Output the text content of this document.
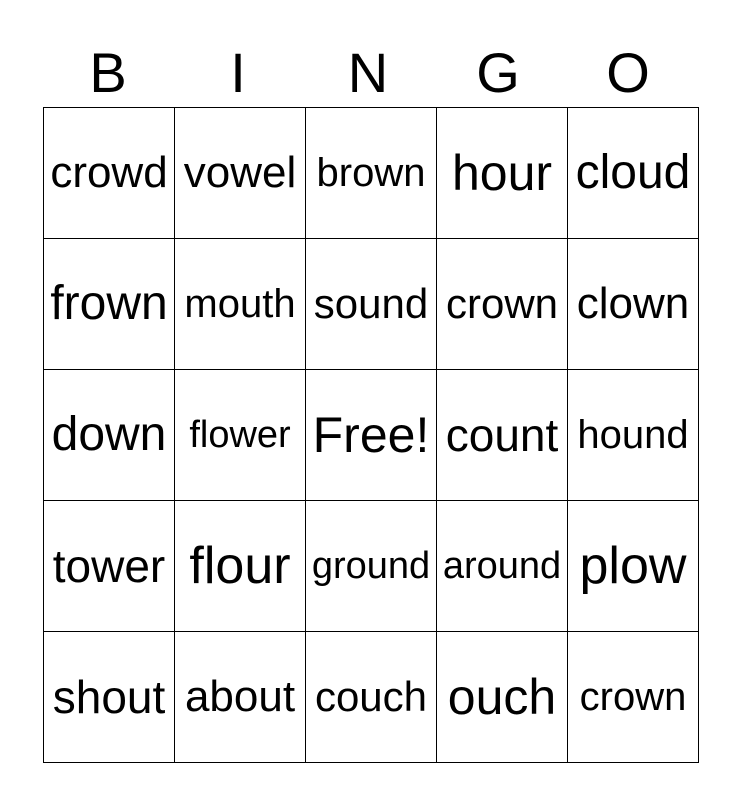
B	I	N	G	O
crowd	vowel	brown	hour	cloud
frown	mouth	sound	crown	clown
down	flower	Free!	count	hound
tower	flour	ground	around	plow
shout	about	couch	ouch	crown
